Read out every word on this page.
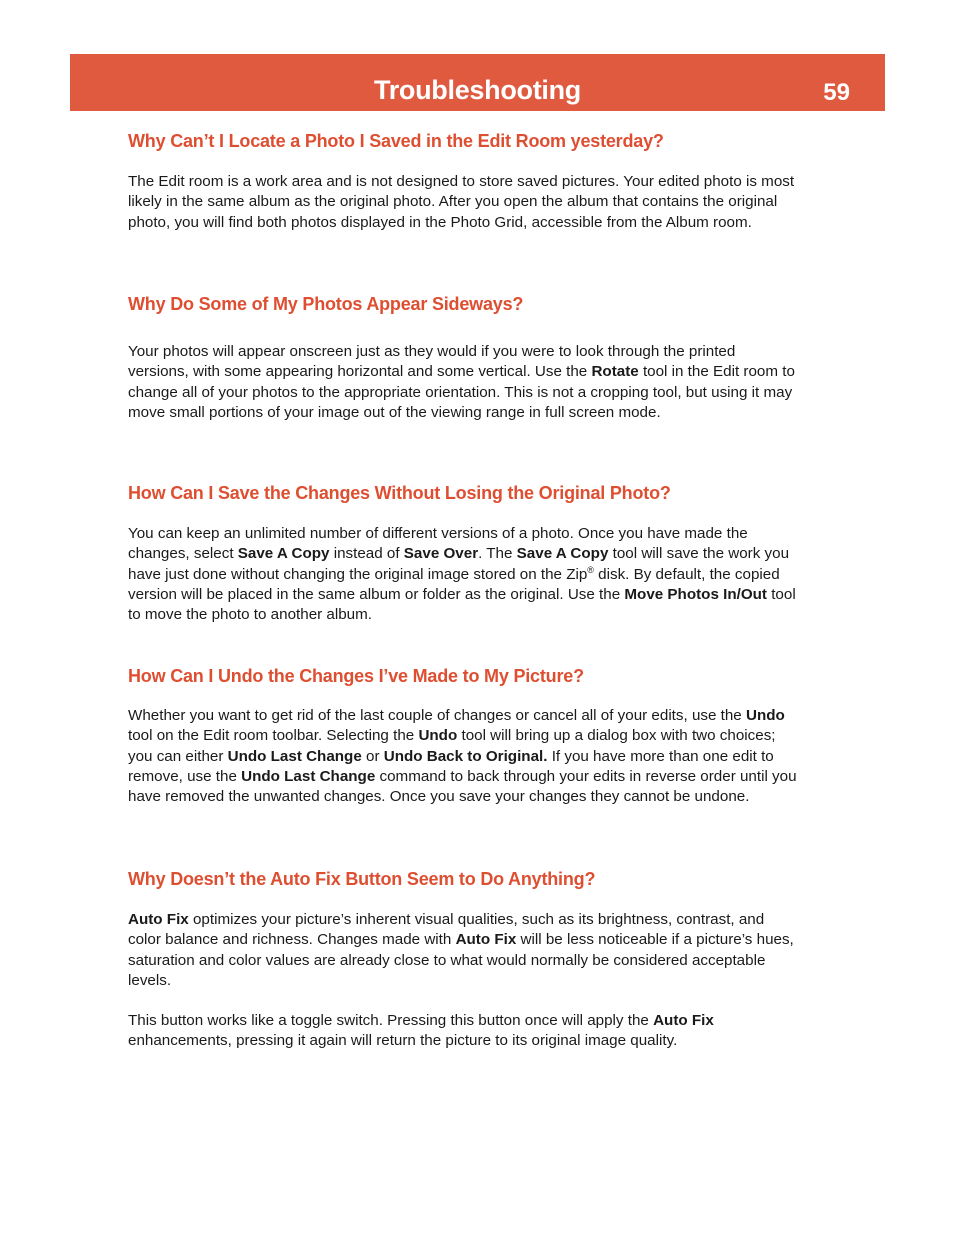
Troubleshooting	59
Why Can’t I Locate a Photo I Saved in the Edit Room yesterday?

The Edit room is a work area and is not designed to store saved pictures. Your edited photo is most likely in the same album as the original photo. After you open the album that contains the original photo, you will find both photos displayed in the Photo Grid, accessible from the Album room.

Why Do Some of My Photos Appear Sideways?

Your photos will appear onscreen just as they would if you were to look through the printed versions, with some appearing horizontal and some vertical. Use the Rotate tool in the Edit room to change all of your photos to the appropriate orientation. This is not a cropping tool, but using it may move small portions of your image out of the viewing range in full screen mode.

How Can I Save the Changes Without Losing the Original Photo?

You can keep an unlimited number of different versions of a photo. Once you have made the changes, select Save A Copy instead of Save Over. The Save A Copy tool will save the work you have just done without changing the original image stored on the Zip® disk. By default, the copied version will be placed in the same album or folder as the original. Use the Move Photos In/Out tool to move the photo to another album.

How Can I Undo the Changes I’ve Made to My Picture?

Whether you want to get rid of the last couple of changes or cancel all of your edits, use the Undo tool on the Edit room toolbar. Selecting the Undo tool will bring up a dialog box with two choices; you can either Undo Last Change or Undo Back to Original. If you have more than one edit to remove, use the Undo Last Change command to back through your edits in reverse order until you have removed the unwanted changes. Once you save your changes they cannot be undone.

Why Doesn’t the Auto Fix Button Seem to Do Anything?

Auto Fix optimizes your picture’s inherent visual qualities, such as its brightness, contrast, and color balance and richness. Changes made with Auto Fix will be less noticeable if a picture’s hues, saturation and color values are already close to what would normally be considered acceptable levels.

This button works like a toggle switch. Pressing this button once will apply the Auto Fix enhancements, pressing it again will return the picture to its original image quality.
